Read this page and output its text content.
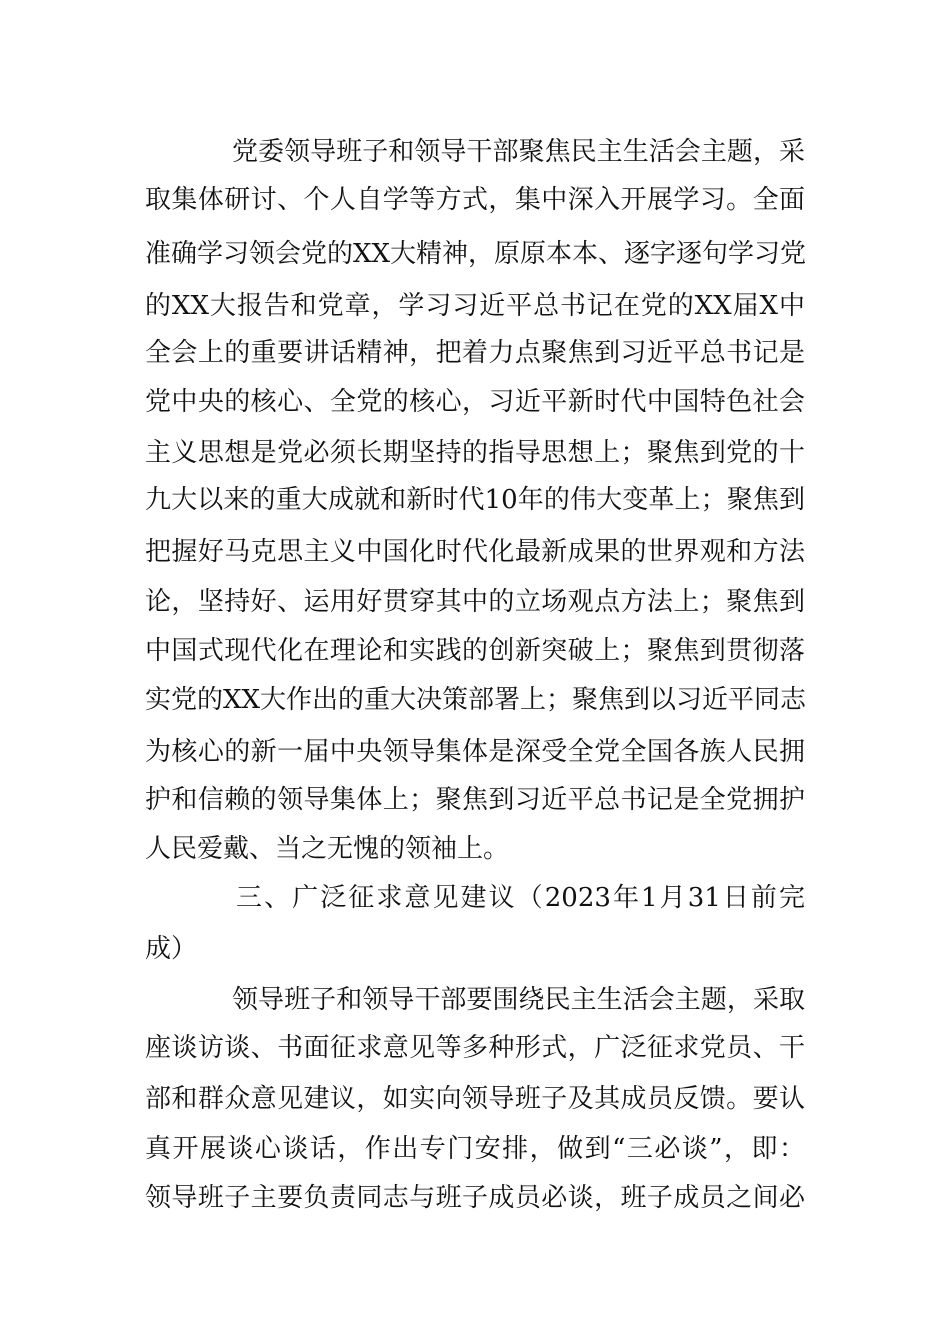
党委领导班子和领导干部聚焦民主生活会主题，采
取集体研讨、个人自学等方式，集中深入开展学习。全面
准确学习领会党的XX大精神，原原本本、逐字逐句学习党
的XX大报告和党章，学习习近平总书记在党的XX届X中
全会上的重要讲话精神，把着力点聚焦到习近平总书记是
党中央的核心、全党的核心，习近平新时代中国特色社会
主义思想是党必须长期坚持的指导思想上；聚焦到党的十
九大以来的重大成就和新时代10年的伟大变革上；聚焦到
把握好马克思主义中国化时代化最新成果的世界观和方法
论，坚持好、运用好贯穿其中的立场观点方法上；聚焦到
中国式现代化在理论和实践的创新突破上；聚焦到贯彻落
实党的XX大作出的重大决策部署上；聚焦到以习近平同志
为核心的新一届中央领导集体是深受全党全国各族人民拥
护和信赖的领导集体上；聚焦到习近平总书记是全党拥护
人民爱戴、当之无愧的领袖上。
三、广泛征求意见建议（2023年1月31日前完
成）
领导班子和领导干部要围绕民主生活会主题，采取
座谈访谈、书面征求意见等多种形式，广泛征求党员、干
部和群众意见建议，如实向领导班子及其成员反馈。要认
真开展谈心谈话，作出专门安排，做到“三必谈”，即：
领导班子主要负责同志与班子成员必谈，班子成员之间必
